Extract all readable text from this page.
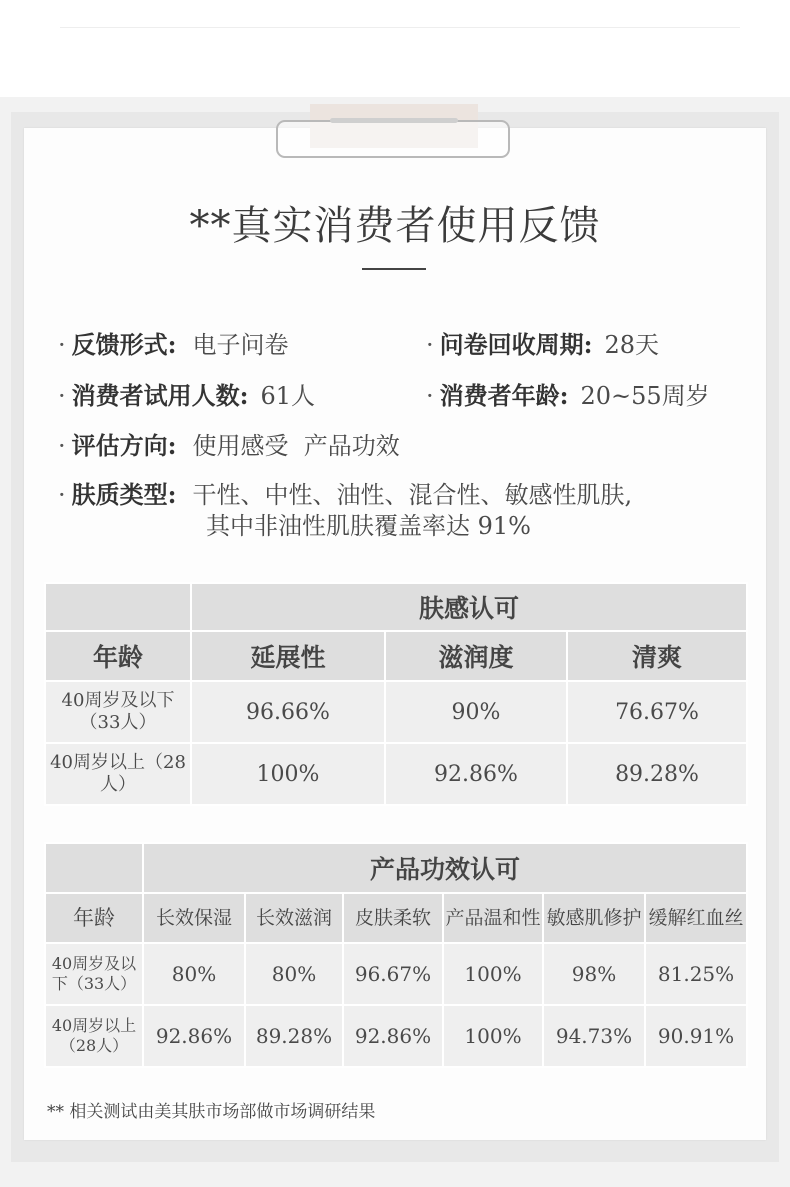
**真实消费者使用反馈
· 反馈形式: 电子问卷	· 问卷回收周期: 28天
· 消费者试用人数: 61人	· 消费者年龄: 20~55周岁
· 评估方向: 使用感受  产品功效
· 肤质类型: 干性、中性、油性、混合性、敏感性肌肤,
其中非油性肌肤覆盖率达 91%
	肤感认可		
年龄	延展性	滋润度	清爽
40周岁及以下（33人）	96.66%	90%	76.67%
40周岁以上（28人）	100%	92.86%	89.28%
	产品功效认可					
年龄	长效保湿	长效滋润	皮肤柔软	产品温和性	敏感肌修护	缓解红血丝
40周岁及以下（33人）	80%	80%	96.67%	100%	98%	81.25%
40周岁以上（28人）	92.86%	89.28%	92.86%	100%	94.73%	90.91%
** 相关测试由美其肤市场部做市场调研结果
